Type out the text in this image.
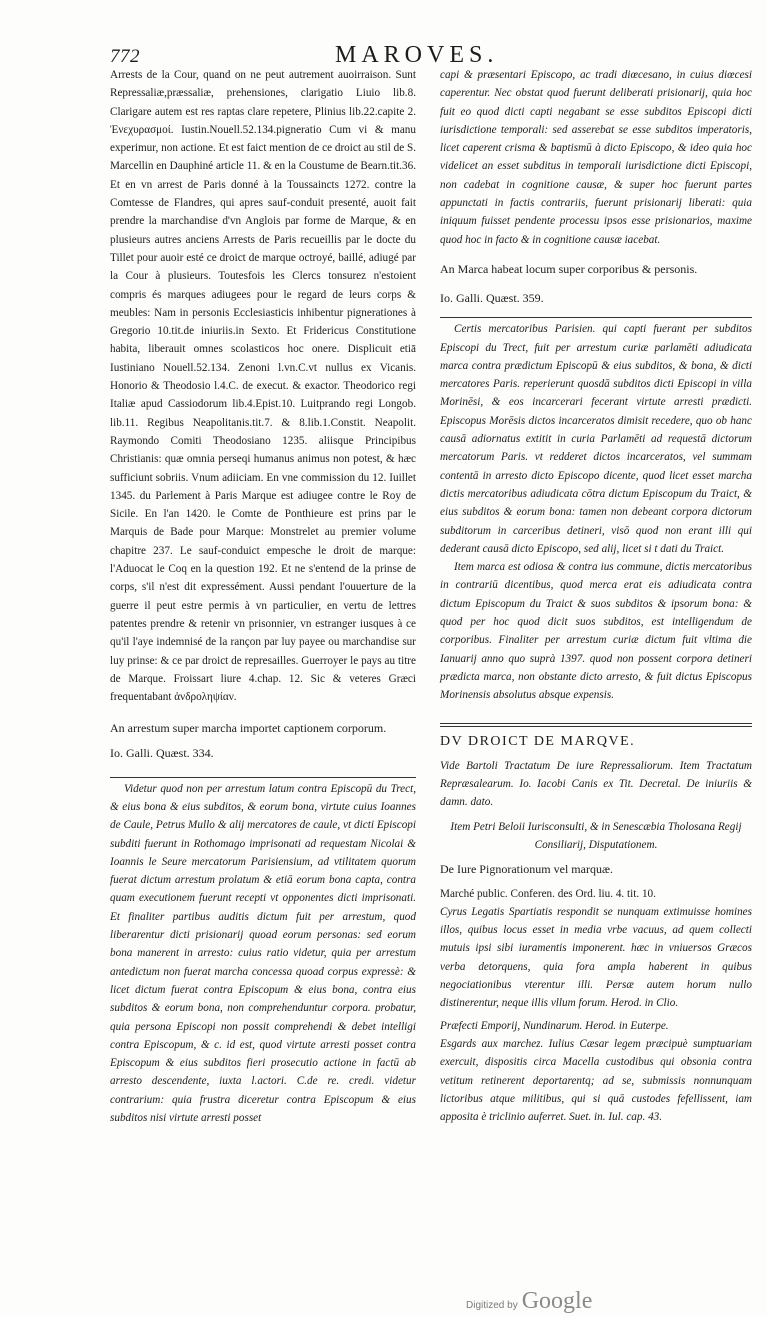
772	MAROVES.

Arrests de la Cour, quand on ne peut autrement auoirraison. Sunt Repressaliæ,præssaliæ, prehensiones, clarigatio Liuio lib.8. Clarigare autem est res raptas clare repetere, Plinius lib.22.capite 2. Ἐνεχυρασμοί. Iustin.Nouell.52.134.pigneratio Cum vi & manu experimur, non actione. Et est faict mention de ce droict au stil de S. Marcellin en Dauphiné article 11. & en la Coustume de Bearn.tit.36. Et en vn arrest de Paris donné à la Toussaincts 1272. contre la Comtesse de Flandres, qui apres sauf-conduit presenté, auoit fait prendre la marchandise d'vn Anglois par forme de Marque, & en plusieurs autres anciens Arrests de Paris recueillis par le docte du Tillet pour auoir esté ce droict de marque octroyé, baillé, adiugé par la Cour à plusieurs. Toutesfois les Clercs tonsurez n'estoient compris és marques adiugees pour le regard de leurs corps & meubles: Nam in personis Ecclesiasticis inhibentur pignerationes à Gregorio 10.tit.de iniuriis.in Sexto. Et Fridericus Constitutione habita, liberauit omnes scolasticos hoc onere. Displicuit etiā Iustiniano Nouell.52.134. Zenoni l.vn.C.vt nullus ex Vicanis. Honorio & Theodosio l.4.C. de execut. & exactor. Theodorico regi Italiæ apud Cassiodorum lib.4.Epist.10. Luitprando regi Longob. lib.11. Regibus Neapolitanis.tit.7. & 8.lib.1.Constit. Neapolit. Raymondo Comiti Theodosiano 1235. aliisque Principibus Christianis: quæ omnia perseqi humanus animus non potest, & hæc sufficiunt sobriis. Vnum adiiciam. En vne commission du 12. Iuillet 1345. du Parlement à Paris Marque est adiugee contre le Roy de Sicile. En l'an 1420. le Comte de Ponthieure est prins par le Marquis de Bade pour Marque: Monstrelet au premier volume chapitre 237. Le sauf-conduict empesche le droit de marque: l'Aduocat le Coq en la question 192. Et ne s'entend de la prinse de corps, s'il n'est dit expressément. Aussi pendant l'ouuerture de la guerre il peut estre permis à vn particulier, en vertu de lettres patentes prendre & retenir vn prisonnier, vn estranger iusques à ce qu'il l'aye indemnisé de la rançon par luy payee ou marchandise sur luy prinse: & ce par droict de represailles. Guerroyer le pays au titre de Marque. Froissart liure 4.chap. 12. Sic & veteres Græci frequentabant ἀνδροληψίαν.

An arrestum super marcha importet captionem corporum.

Io. Galli. Quæst. 334.

Videtur quod non per arrestum latum contra Episcopū du Trect, & eius bona & eius subditos, & eorum bona, virtute cuius Ioannes de Caule, Petrus Mullo & alij mercatores de caule, vt dicti Episcopi subditi fuerunt in Rothomago imprisonati ad requestam Nicolai & Ioannis le Seure mercatorum Parisiensium, ad vtilitatem quorum fuerat dictum arrestum prolatum & etiā eorum bona capta, contra quam executionem fuerunt recepti vt opponentes dicti imprisonati. Et finaliter partibus auditis dictum fuit per arrestum, quod liberarentur dicti prisionarij quoad eorum personas: sed eorum bona manerent in arresto: cuius ratio videtur, quia per arrestum antedictum non fuerat marcha concessa quoad corpus expressè: & licet dictum fuerat contra Episcopum & eius bona, contra eius subditos & eorum bona, non comprehenduntur corpora. probatur, quia persona Episcopi non possit comprehendi & debet intelligi contra Episcopum, & c. id est, quod virtute arresti posset contra Episcopum & eius subditos fieri prosecutio actione in factū ab arresto descendente, iuxta l.actori. C.de re. credi. videtur contrarium: quia frustra diceretur contra Episcopum & eius subditos nisi virtute arresti posset

capi & præsentari Episcopo, ac tradi diœcesano, in cuius diœcesi caperentur. Nec obstat quod fuerunt deliberati prisionarij, quia hoc fuit eo quod dicti capti negabant se esse subditos Episcopi dicti iurisdictione temporali: sed asserebat se esse subditos imperatoris, licet caperent crisma & baptismū à dicto Episcopo, & ideo quia hoc videlicet an esset subditus in temporali iurisdictione dicti Episcopi, non cadebat in cognitione causæ, & super hoc fuerunt partes appunctati in factis contrariis, fuerunt prisionarij liberati: quia iniquum fuisset pendente processu ipsos esse prisionarios, maxime quod hoc in facto & in cognitione causæ iacebat.

An Marca habeat locum super corporibus & personis.

Io. Galli. Quæst. 359.

Certis mercatoribus Parisien. qui capti fuerant per subditos Episcopi du Trect, fuit per arrestum curiæ parlamēti adiudicata marca contra prædictum Episcopū & eius subditos, & bona, & dicti mercatores Paris. reperierunt quosdā subditos dicti Episcopi in villa Morinēsi, & eos incarcerari fecerant virtute arresti prædicti. Episcopus Morēsis dictos incarceratos dimisit recedere, quo ob hanc causā adiornatus extitit in curia Parlamēti ad requestā dictorum mercatorum Paris. vt redderet dictos incarceratos, vel summam contentā in arresto dicto Episcopo dicente, quod licet esset marcha dictis mercatoribus adiudicata cōtra dictum Episcopum du Traict, & eius subditos & eorum bona: tamen non debeant corpora dictorum subditorum in carceribus detineri, visō quod non erant illi qui dederant causā dicto Episcopo, sed alij, licet si t dati du Traict.

Item marca est odiosa & contra ius commune, dictis mercatoribus in contrariū dicentibus, quod merca erat eis adiudicata contra dictum Episcopum du Traict & suos subditos & ipsorum bona: & quod per hoc quod dicit suos subditos, est intelligendum de corporibus. Finaliter per arrestum curiæ dictum fuit vltima die Ianuarij anno quo suprà 1397. quod non possent corpora detineri prædicta marca, non obstante dicto arresto, & fuit dictus Episcopus Morinensis absolutus absque expensis.

DV DROICT DE MARQVE.

Vide Bartoli Tractatum De iure Repressaliorum. Item Tractatum Repræsalearum. Io. Iacobi Canis ex Tit. Decretal. De iniuriis & damn. dato.

Item Petri Beloii Iurisconsulti, & in Senescæbia Tholosana Regij Consiliarij, Disputationem.

De Iure Pignorationum vel marquæ.

Marché public. Conferen. des Ord. liu. 4. tit. 10.

Cyrus Legatis Spartiatis respondit se nunquam extimuisse homines illos, quibus locus esset in media vrbe vacuus, ad quem collecti mutuis ipsi sibi iuramentis imponerent. hæc in vniuersos Græcos verba detorquens, quia fora ampla haberent in quibus negociationibus vterentur illi. Persæ autem horum nullo distinerentur, neque illis vllum forum. Herod. in Clio.

Præfecti Emporij, Nundinarum. Herod. in Euterpe.

Esgards aux marchez. Iulius Cæsar legem præcipuè sumptuariam exercuit, dispositis circa Macella custodibus qui obsonia contra vetitum retinerent deportarentq; ad se, submissis nonnunquam lictoribus atque militibus, qui si quā custodes fefellissent, iam apposita è triclinio auferret. Suet. in. Iul. cap. 43.

Digitized by Google
